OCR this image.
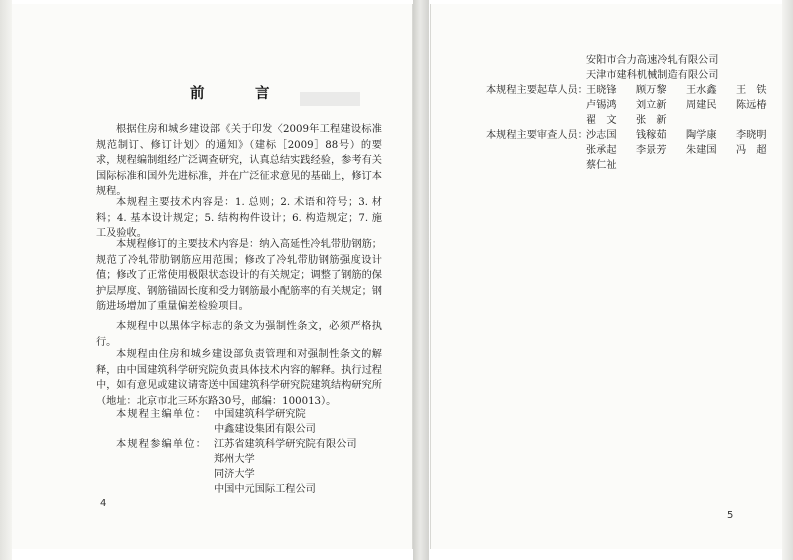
前　言

根据住房和城乡建设部《关于印发〈2009年工程建设标准规范制订、修订计划〉的通知》（建标［2009］88号）的要求，规程编制组经广泛调查研究，认真总结实践经验，参考有关国际标准和国外先进标准，并在广泛征求意见的基础上，修订本规程。

本规程主要技术内容是：1. 总则；2. 术语和符号；3. 材料；4. 基本设计规定；5. 结构构件设计；6. 构造规定；7. 施工及验收。

本规程修订的主要技术内容是：纳入高延性冷轧带肋钢筋；规范了冷轧带肋钢筋应用范围；修改了冷轧带肋钢筋强度设计值；修改了正常使用极限状态设计的有关规定；调整了钢筋的保护层厚度、钢筋锚固长度和受力钢筋最小配筋率的有关规定；钢筋进场增加了重量偏差检验项目。

本规程中以黑体字标志的条文为强制性条文，必须严格执行。

本规程由住房和城乡建设部负责管理和对强制性条文的解释，由中国建筑科学研究院负责具体技术内容的解释。执行过程中，如有意见或建议请寄送中国建筑科学研究院建筑结构研究所（地址：北京市北三环东路30号，邮编：100013）。

本规程主编单位： 中国建筑科学研究院
中鑫建设集团有限公司
本规程参编单位： 江苏省建筑科学研究院有限公司
郑州大学
同济大学
中国中元国际工程公司
4
安阳市合力高速冷轧有限公司
天津市建科机械制造有限公司
本规程主要起草人员：
王晓锋 顾万黎 王水鑫 王　铁
卢锡鸿 刘立新 周建民 陈远椿
翟　文 张　新
本规程主要审查人员：
沙志国 钱稼茹 陶学康 李晓明
张承起 李景芳 朱建国 冯　超
蔡仁祉
5
